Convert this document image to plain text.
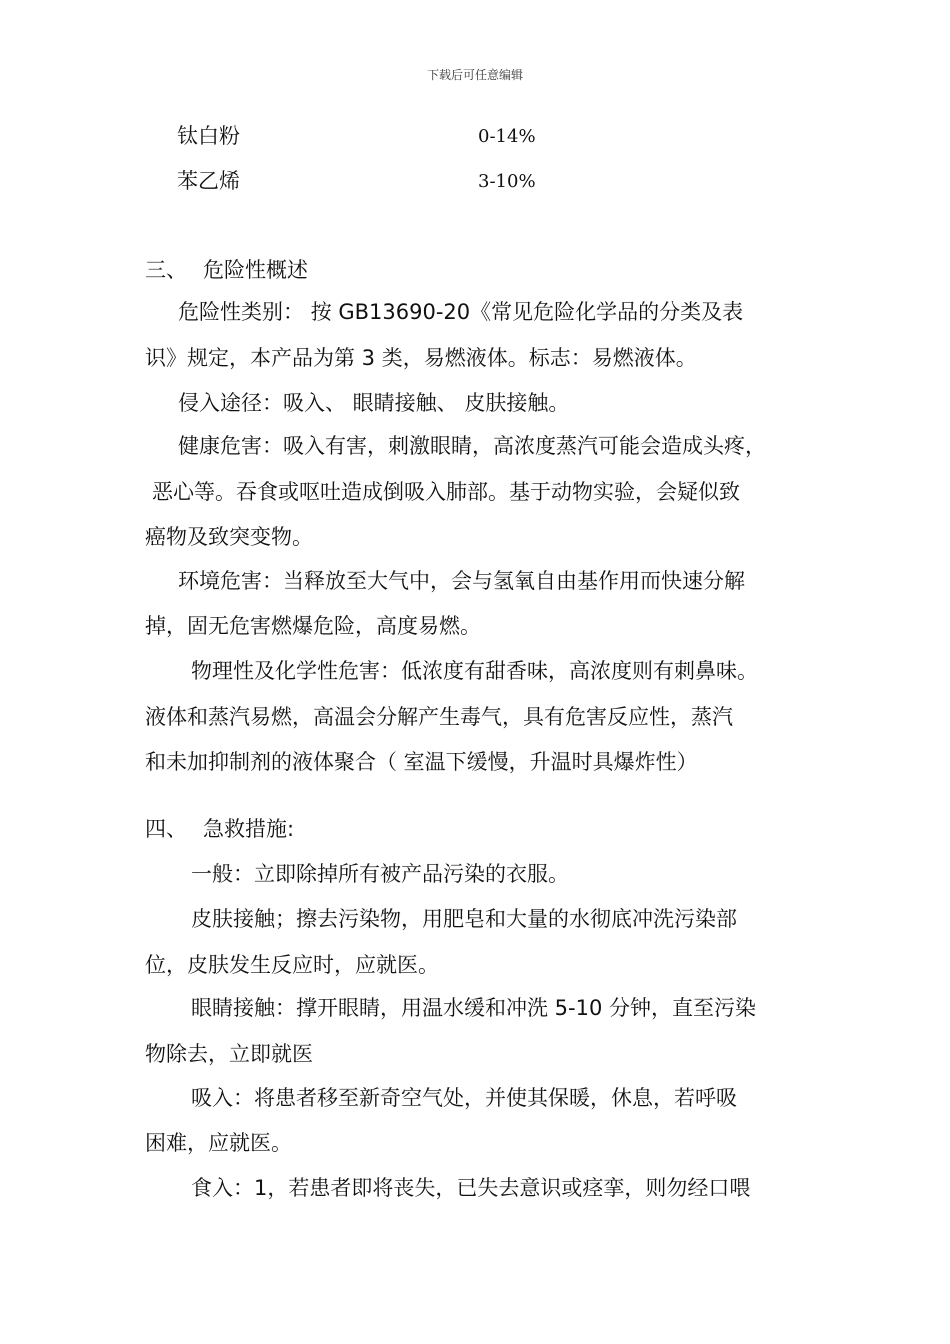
下载后可任意编辑
钛白粉	0-14%
苯乙烯	3-10%
三、 危险性概述
危险性类别： 按 GB13690-20《常见危险化学品的分类及表
识》规定，本产品为第 3 类，易燃液体。标志：易燃液体。
侵入途径：吸入、 眼睛接触、 皮肤接触。
健康危害：吸入有害，刺激眼睛，高浓度蒸汽可能会造成头疼，
恶心等。吞食或呕吐造成倒吸入肺部。基于动物实验，会疑似致
癌物及致突变物。
环境危害：当释放至大气中，会与氢氧自由基作用而快速分解
掉，固无危害燃爆危险，高度易燃。
物理性及化学性危害：低浓度有甜香味，高浓度则有刺鼻味。
液体和蒸汽易燃，高温会分解产生毒气，具有危害反应性，蒸汽
和未加抑制剂的液体聚合（ 室温下缓慢，升温时具爆炸性）
四、 急救措施:
一般：立即除掉所有被产品污染的衣服。
皮肤接触；擦去污染物，用肥皂和大量的水彻底冲洗污染部
位，皮肤发生反应时，应就医。
眼睛接触：撑开眼睛，用温水缓和冲洗 5-10 分钟，直至污染
物除去，立即就医
吸入：将患者移至新奇空气处，并使其保暖，休息，若呼吸
困难，应就医。
食入：1，若患者即将丧失，已失去意识或痉挛，则勿经口喂
